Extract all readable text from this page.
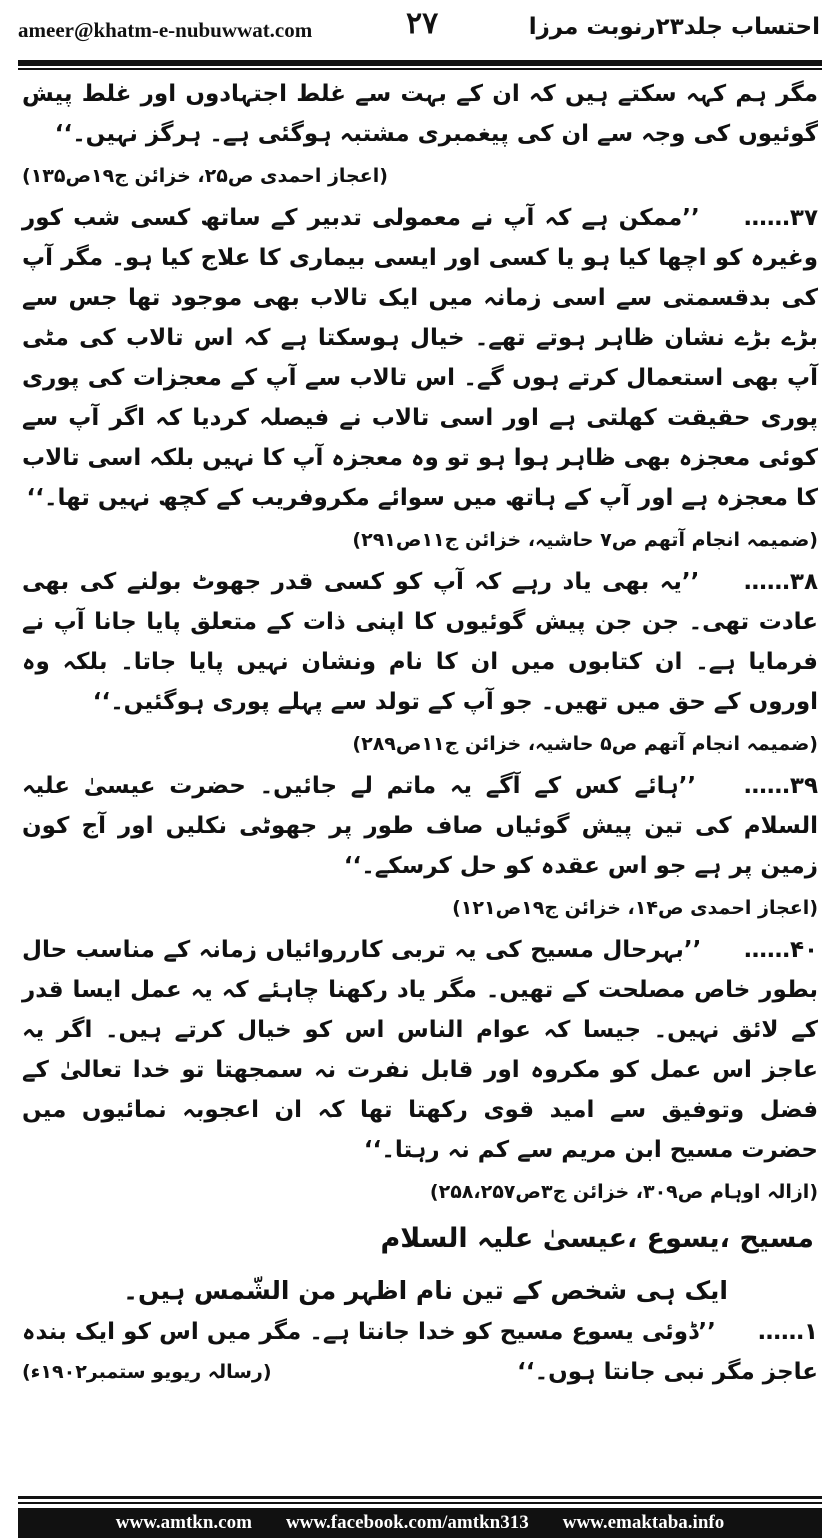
ameer@khatm-e-nubuwwat.com	۲۷	احتساب جلد۲۳رنوبت مرزا

مگر ہم کہہ سکتے ہیں کہ ان کے بہت سے غلط اجتہادوں اور غلط پیش گوئیوں کی وجہ سے ان کی پیغمبری مشتبہ ہوگئی ہے۔ ہرگز نہیں۔‘‘

(اعجاز احمدی ص۲۵، خزائن ج۱۹ص۱۳۵)

۳۷…… ’’ممکن ہے کہ آپ نے معمولی تدبیر کے ساتھ کسی شب کور وغیرہ کو اچھا کیا ہو یا کسی اور ایسی بیماری کا علاج کیا ہو۔ مگر آپ کی بدقسمتی سے اسی زمانہ میں ایک تالاب بھی موجود تھا جس سے بڑے بڑے نشان ظاہر ہوتے تھے۔ خیال ہوسکتا ہے کہ اس تالاب کی مٹی آپ بھی استعمال کرتے ہوں گے۔ اس تالاب سے آپ کے معجزات کی پوری پوری حقیقت کھلتی ہے اور اسی تالاب نے فیصلہ کردیا کہ اگر آپ سے کوئی معجزہ بھی ظاہر ہوا ہو تو وہ معجزہ آپ کا نہیں بلکہ اسی تالاب کا معجزہ ہے اور آپ کے ہاتھ میں سوائے مکروفریب کے کچھ نہیں تھا۔‘‘

(ضمیمہ انجام آتھم ص۷ حاشیہ، خزائن ج۱۱ص۲۹۱)

۳۸…… ’’یہ بھی یاد رہے کہ آپ کو کسی قدر جھوٹ بولنے کی بھی عادت تھی۔ جن جن پیش گوئیوں کا اپنی ذات کے متعلق پایا جانا آپ نے فرمایا ہے۔ ان کتابوں میں ان کا نام ونشان نہیں پایا جاتا۔ بلکہ وہ اوروں کے حق میں تھیں۔ جو آپ کے تولد سے پہلے پوری ہوگئیں۔‘‘

(ضمیمہ انجام آتھم ص۵ حاشیہ، خزائن ج۱۱ص۲۸۹)

۳۹…… ’’ہائے کس کے آگے یہ ماتم لے جائیں۔ حضرت عیسیٰ علیہ السلام کی تین پیش گوئیاں صاف طور پر جھوٹی نکلیں اور آج کون زمین پر ہے جو اس عقدہ کو حل کرسکے۔‘‘

(اعجاز احمدی ص۱۴، خزائن ج۱۹ص۱۲۱)

۴۰…… ’’بہرحال مسیح کی یہ تربی کارروائیاں زمانہ کے مناسب حال بطور خاص مصلحت کے تھیں۔ مگر یاد رکھنا چاہئے کہ یہ عمل ایسا قدر کے لائق نہیں۔ جیسا کہ عوام الناس اس کو خیال کرتے ہیں۔ اگر یہ عاجز اس عمل کو مکروہ اور قابل نفرت نہ سمجھتا تو خدا تعالیٰ کے فضل وتوفیق سے امید قوی رکھتا تھا کہ ان اعجوبہ نمائیوں میں حضرت مسیح ابن مریم سے کم نہ رہتا۔‘‘

(ازالہ اوہام ص۳۰۹، خزائن ج۳ص۲۵۸،۲۵۷)
مسیح ،یسوع ،عیسیٰ علیہ السلام
ایک ہی شخص کے تین نام اظہر من الشّمس ہیں۔

۱…… ’’ڈوئی یسوع مسیح کو خدا جانتا ہے۔ مگر میں اس کو ایک بندہ عاجز مگر نبی جانتا ہوں۔‘‘
(رسالہ ریویو ستمبر۱۹۰۲ء)

www.amtkn.com www.facebook.com/amtkn313 www.emaktaba.info
